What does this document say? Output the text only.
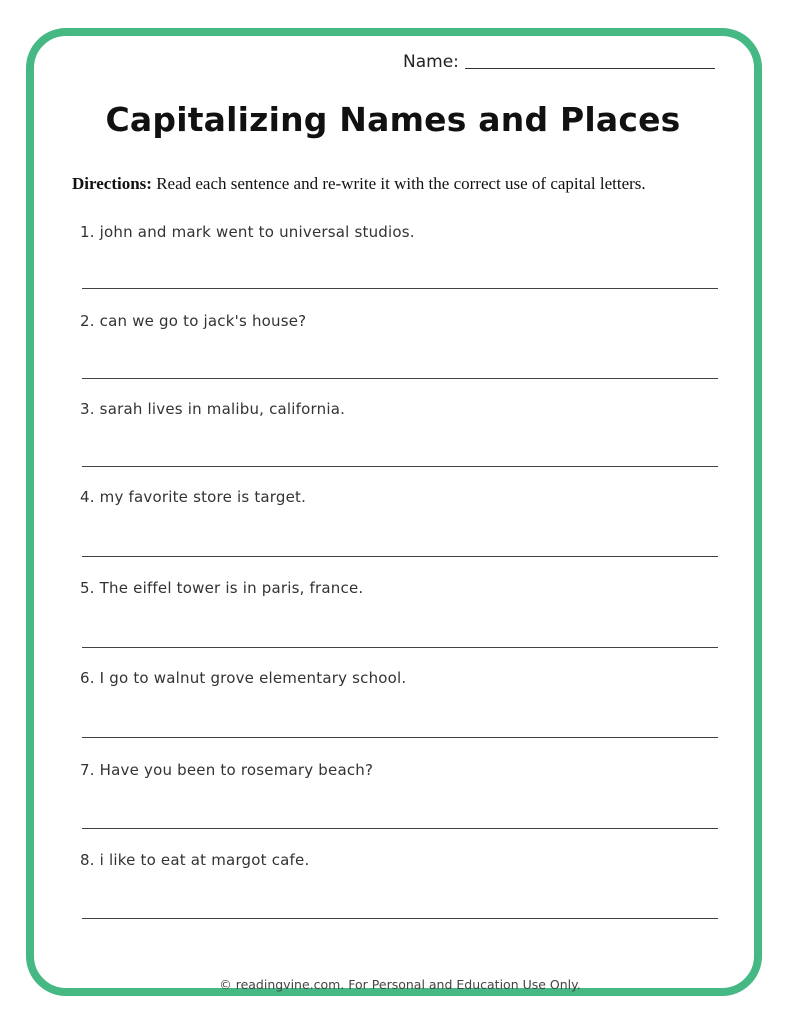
Name:
Capitalizing Names and Places
Directions: Read each sentence and re-write it with the correct use of capital letters.
1. john and mark went to universal studios.
2. can we go to jack's house?
3. sarah lives in malibu, california.
4. my favorite store is target.
5. The eiffel tower is in paris, france.
6. I go to walnut grove elementary school.
7. Have you been to rosemary beach?
8. i like to eat at margot cafe.
© readingvine.com. For Personal and Education Use Only.
